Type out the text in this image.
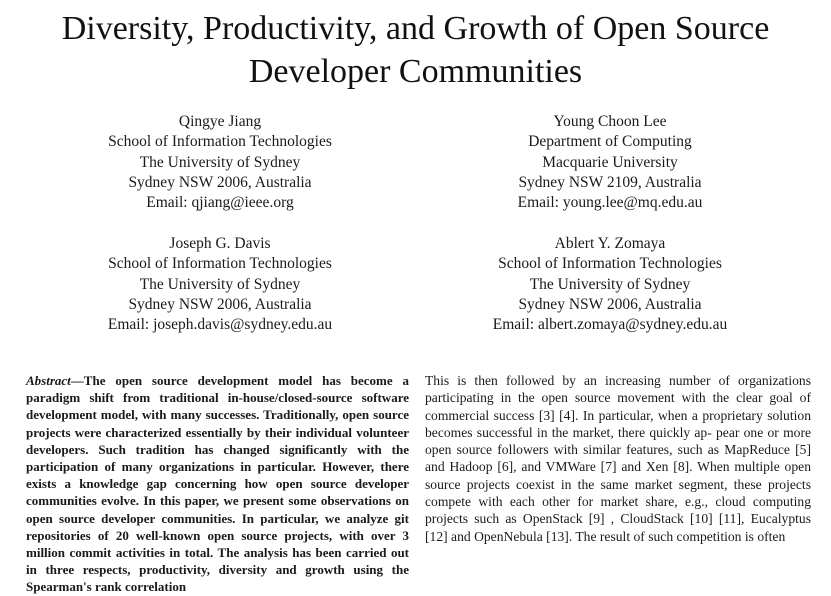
Diversity, Productivity, and Growth of Open Source
Developer Communities
Qingye Jiang
School of Information Technologies
The University of Sydney
Sydney NSW 2006, Australia
Email: qjiang@ieee.org
Young Choon Lee
Department of Computing
Macquarie University
Sydney NSW 2109, Australia
Email: young.lee@mq.edu.au
Joseph G. Davis
School of Information Technologies
The University of Sydney
Sydney NSW 2006, Australia
Email: joseph.davis@sydney.edu.au
Ablert Y. Zomaya
School of Information Technologies
The University of Sydney
Sydney NSW 2006, Australia
Email: albert.zomaya@sydney.edu.au

Abstract—The open source development model has become a paradigm shift from traditional in-house/closed-source software development model, with many successes. Traditionally, open source projects were characterized essentially by their individual volunteer developers. Such tradition has changed significantly with the participation of many organizations in particular. However, there exists a knowledge gap concerning how open source developer communities evolve. In this paper, we present some observations on open source developer communities. In particular, we analyze git repositories of 20 well-known open source projects, with over 3 million commit activities in total. The analysis has been carried out in three respects, productivity, diversity and growth using the Spearman's rank correlation

This is then followed by an increasing number of organizations participating in the open source movement with the clear goal of commercial success [3] [4]. In particular, when a proprietary solution becomes successful in the market, there quickly ap- pear one or more open source followers with similar features, such as MapReduce [5] and Hadoop [6], and VMWare [7] and Xen [8]. When multiple open source projects coexist in the same market segment, these projects compete with each other for market share, e.g., cloud computing projects such as OpenStack [9] , CloudStack [10] [11], Eucalyptus [12] and OpenNebula [13]. The result of such competition is often
